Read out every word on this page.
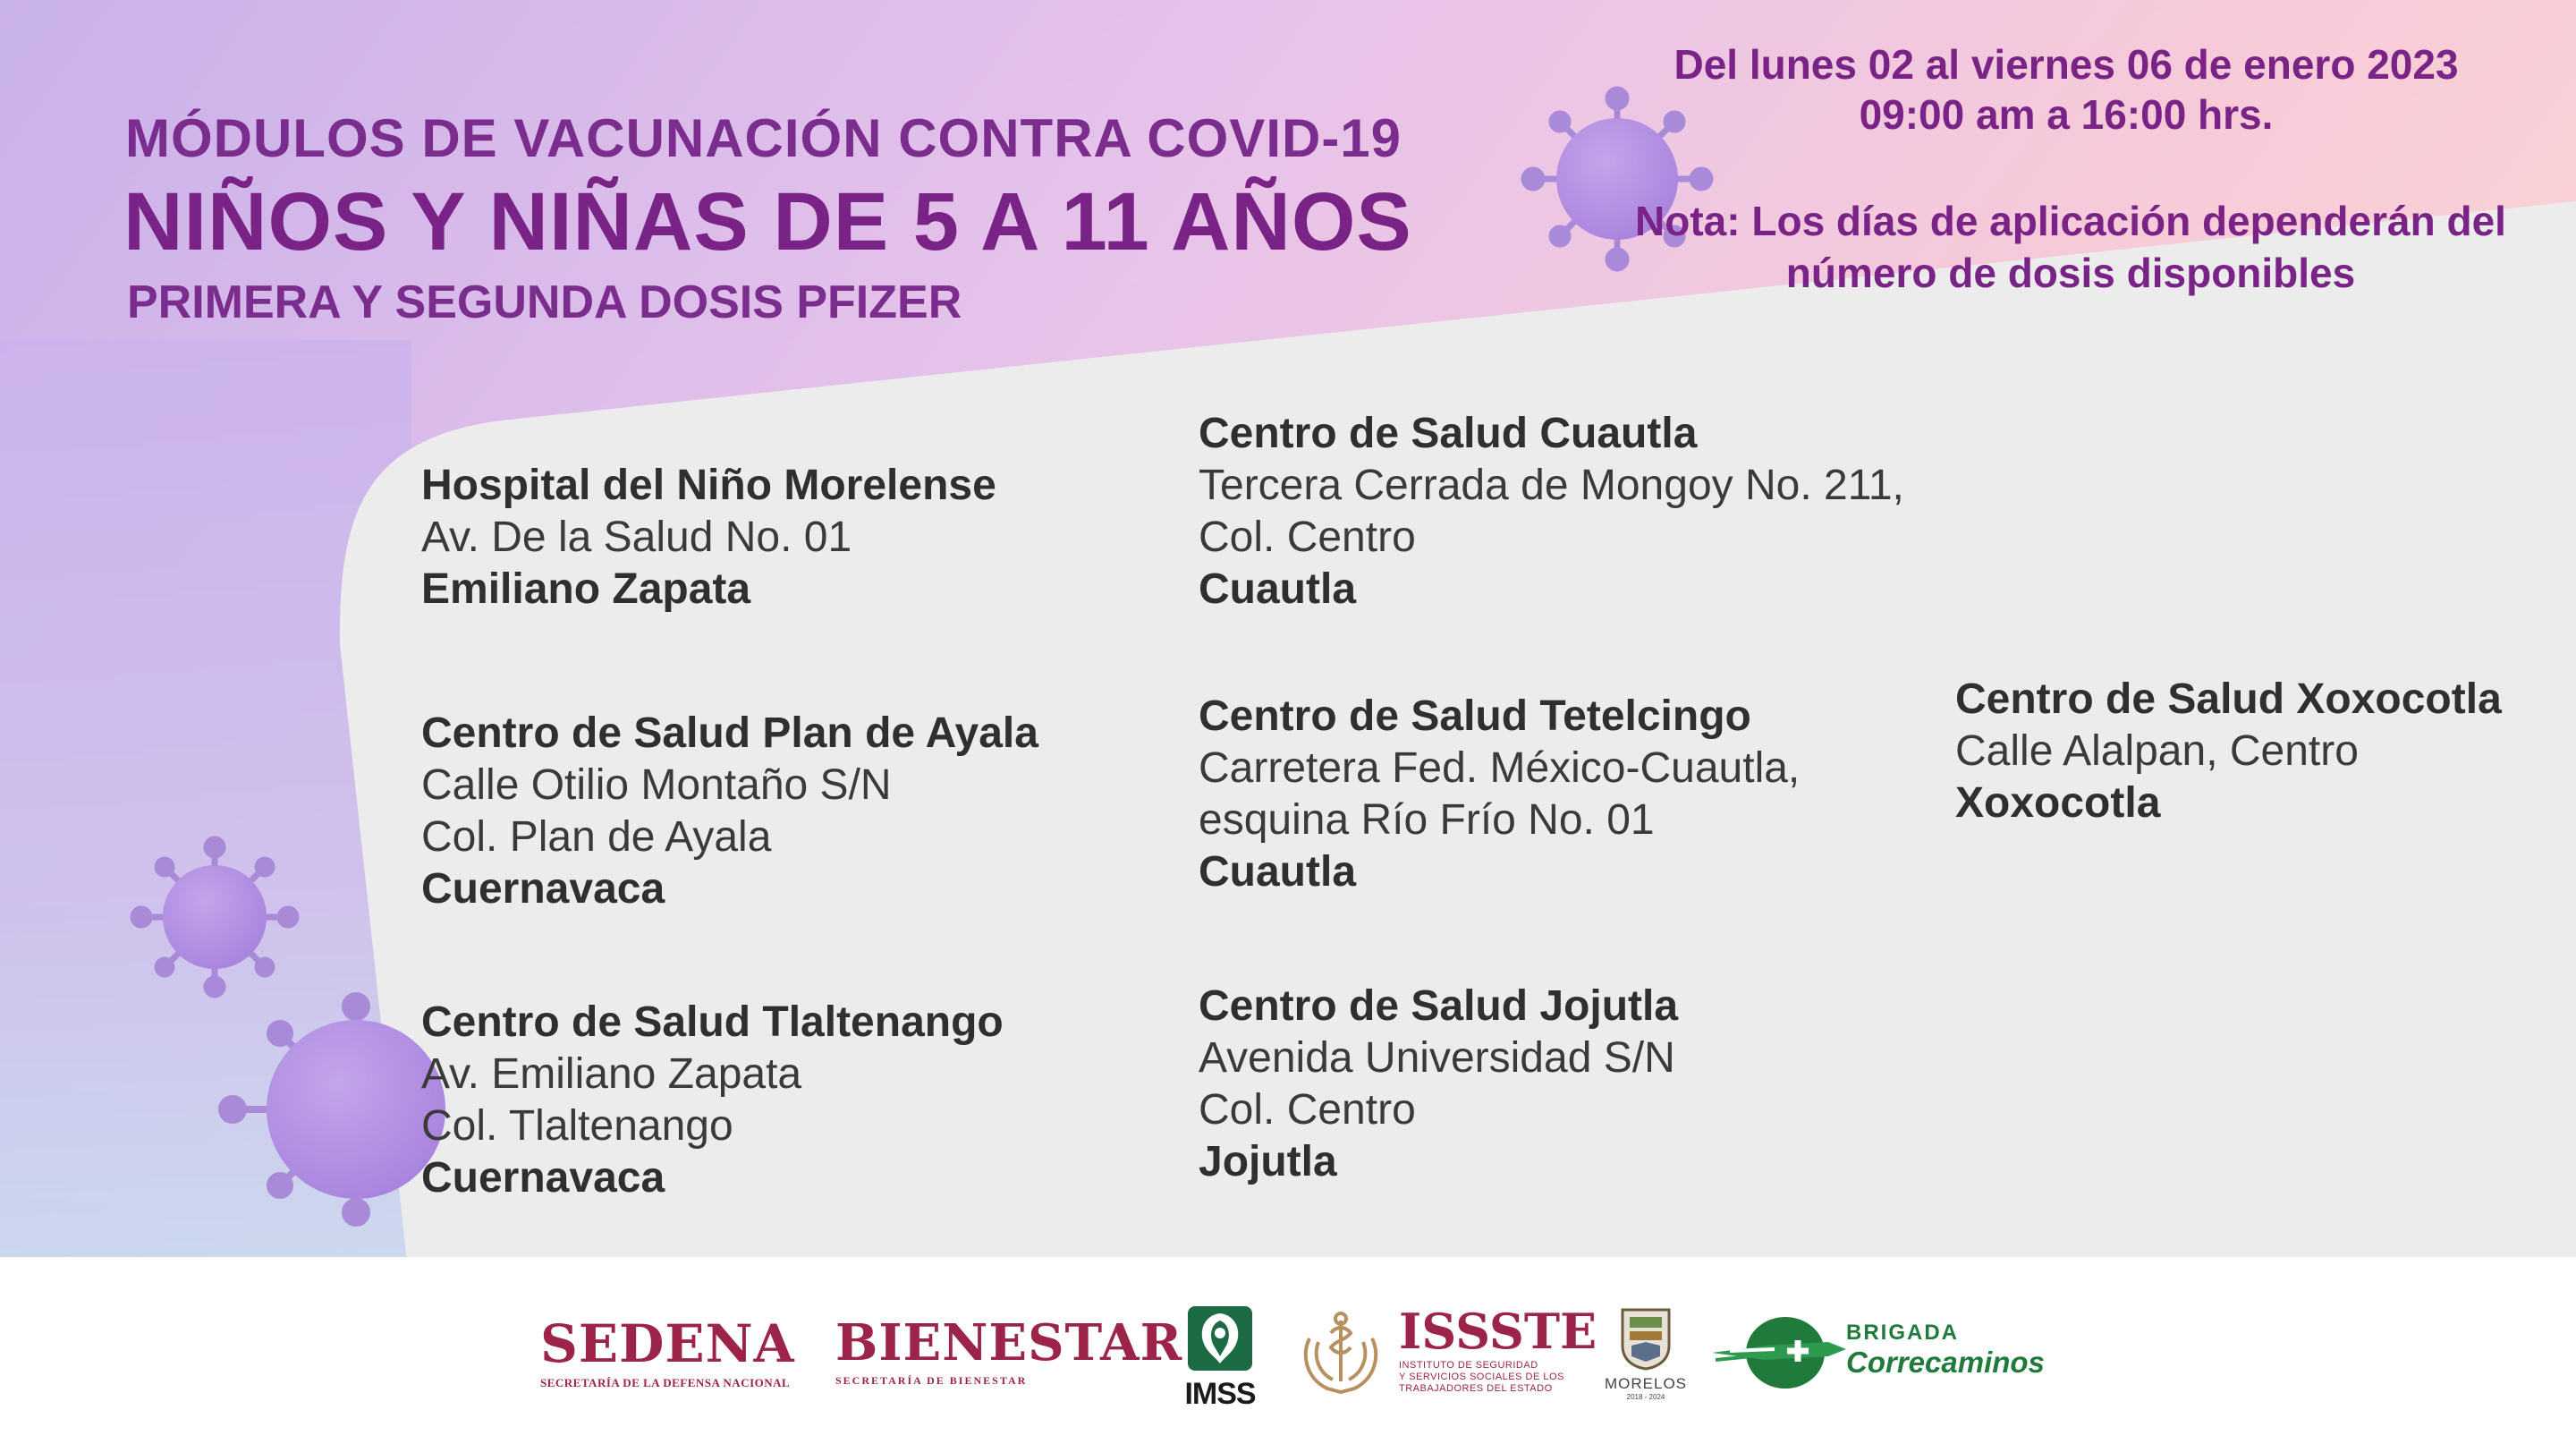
MÓDULOS DE VACUNACIÓN CONTRA COVID-19
NIÑOS Y NIÑAS DE 5 A 11 AÑOS
PRIMERA Y SEGUNDA DOSIS PFIZER
Del lunes 02 al viernes 06 de enero 2023
09:00 am a 16:00 hrs.
Nota: Los días de aplicación dependerán del
número de dosis disponibles
Hospital del Niño Morelense
Av. De la Salud No. 01
Emiliano Zapata
Centro de Salud Plan de Ayala
Calle Otilio Montaño S/N
Col. Plan de Ayala
Cuernavaca
Centro de Salud Tlaltenango
Av. Emiliano Zapata
Col. Tlaltenango
Cuernavaca
Centro de Salud Cuautla
Tercera Cerrada de Mongoy No. 211,
Col. Centro
Cuautla
Centro de Salud Tetelcingo
Carretera Fed. México-Cuautla,
esquina Río Frío No. 01
Cuautla
Centro de Salud Jojutla
Avenida Universidad S/N
Col. Centro
Jojutla
Centro de Salud Xoxocotla
Calle Alalpan, Centro
Xoxocotla
SEDENA
SECRETARÍA DE LA DEFENSA NACIONAL
BIENESTAR
SECRETARÍA DE BIENESTAR	IMSS
ISSSTE
INSTITUTO DE SEGURIDAD
Y SERVICIOS SOCIALES DE LOS
TRABAJADORES DEL ESTADO	MORELOS
2018 - 2024
BRIGADA
Correcaminos
